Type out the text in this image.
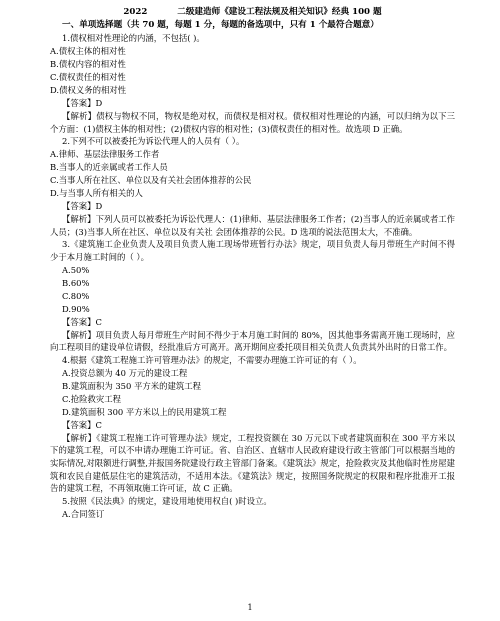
2022	二级建造师《建设工程法规及相关知识》经典 100 题
一、单项选择题（共 70 题，每题 1 分，每题的备选项中，只有 1 个最符合题意）
1.债权相对性理论的内涵，不包括( )。
A.债权主体的相对性
B.债权内容的相对性
C.债权责任的相对性
D.债权义务的相对性
【答案】D

【解析】债权与物权不同，物权是绝对权，而债权是相对权。债权相对性理论的内涵，可以归纳为以下三个方面：(1)债权主体的相对性；(2)债权内容的相对性；(3)债权责任的相对性。故选项 D 正确。

2.下列不可以被委托为诉讼代理人的人员有（ ）。
A.律师、基层法律服务工作者
B.当事人的近亲属或者工作人员
C.当事人所在社区、单位以及有关社会团体推荐的公民
D.与当事人所有相关的人
【答案】D

【解析】下列人员可以被委托为诉讼代理人：(1)律师、基层法律服务工作者；(2)当事人的近亲属或者工作人员；(3)当事人所在社区、单位以及有关社 会团体推荐的公民。D 选项的说法范围太大，不准确。

3.《建筑施工企业负责人及项目负责人施工现场带班暂行办法》规定，项目负责人每月带班生产时间不得少于本月施工时间的（ ）。

A.50%
B.60%
C.80%
D.90%
【答案】C

【解析】项目负责人每月带班生产时间不得少于本月施工时间的 80%，因其他事务需离开施工现场时，应向工程项目的建设单位请假，经批准后方可离开。离开期间应委托项目相关负责人负责其外出时的日常工作。

4.根据《建筑工程施工许可管理办法》的规定，不需要办理施工许可证的有（ ）。
A.投资总额为 40 万元的建设工程
B.建筑面积为 350 平方米的建筑工程
C.抢险救灾工程
D.建筑面积 300 平方米以上的民用建筑工程
【答案】C

【解析】《建筑工程施工许可管理办法》规定，工程投资额在 30 万元以下或者建筑面积在 300 平方米以下的建筑工程，可以不申请办理施工许可证。省、自治区、直辖市人民政府建设行政主管部门可以根据当地的实际情况,对限额进行调整,并报国务院建设行政主管部门备案。《建筑法》规定，抢险救灾及其他临时性房屋建筑和农民自建低层住宅的建筑活动，不适用本法。《建筑法》规定，按照国务院规定的权限和程序批准开工报告的建筑工程，不再领取施工许可证，故 C 正确。

5.按照《民法典》的规定，建设用地使用权自( )时设立。
A.合同签订
1
